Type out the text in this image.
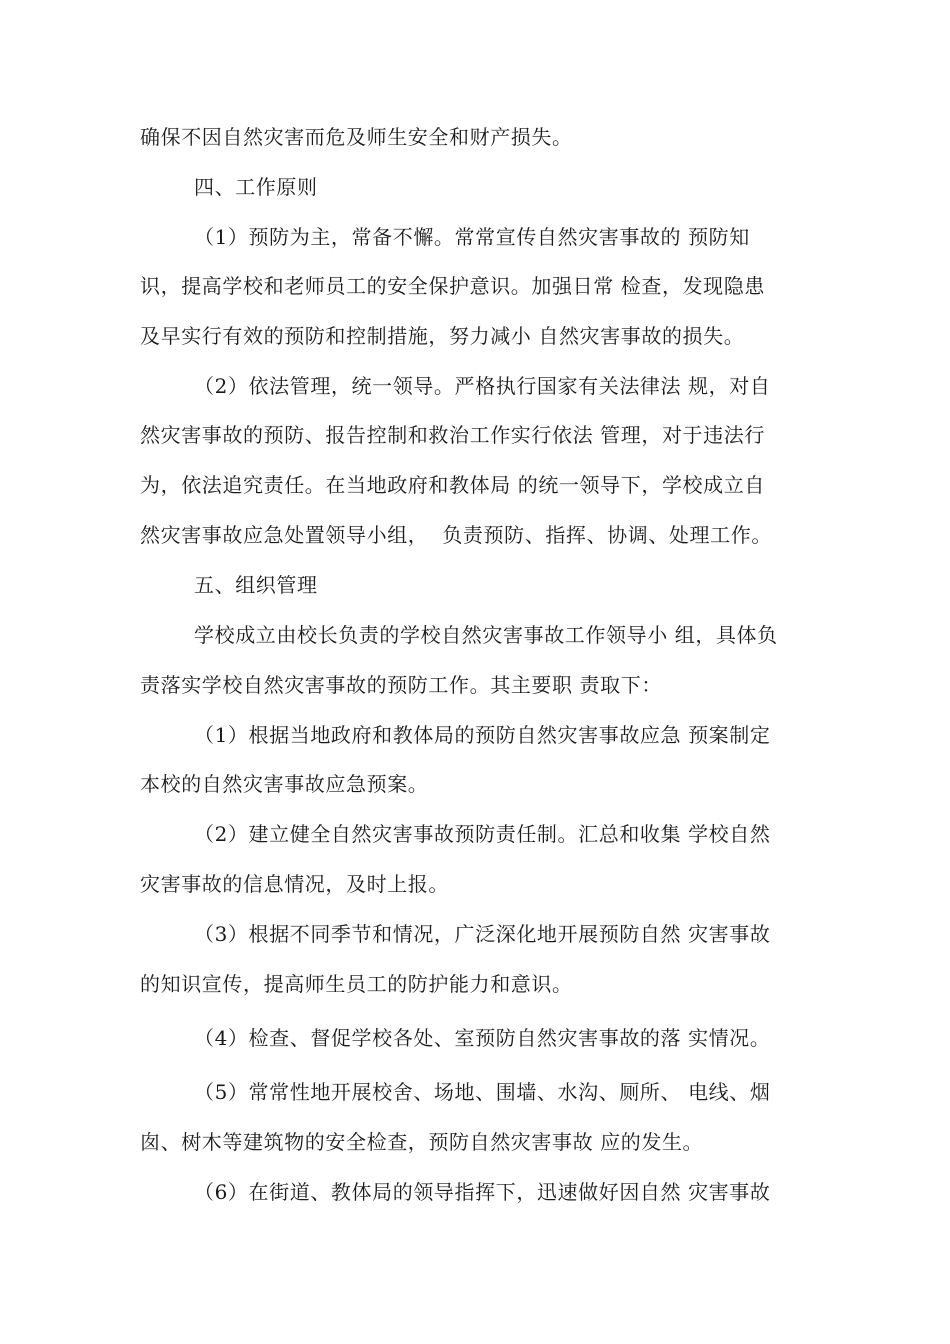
确保不因自然灾害而危及师生安全和财产损失。
四、工作原则
（1）预防为主，常备不懈。常常宣传自然灾害事故的 预防知
识，提高学校和老师员工的安全保护意识。加强日常 检查，发现隐患
及早实行有效的预防和控制措施，努力减小 自然灾害事故的损失。
（2）依法管理，统一领导。严格执行国家有关法律法 规，对自
然灾害事故的预防、报告控制和救治工作实行依法 管理，对于违法行
为，依法追究责任。在当地政府和教体局 的统一领导下，学校成立自
然灾害事故应急处置领导小组，  负责预防、指挥、协调、处理工作。
五、组织管理
学校成立由校长负责的学校自然灾害事故工作领导小 组，具体负
责落实学校自然灾害事故的预防工作。其主要职 责取下：
（1）根据当地政府和教体局的预防自然灾害事故应急 预案制定
本校的自然灾害事故应急预案。
（2）建立健全自然灾害事故预防责任制。汇总和收集 学校自然
灾害事故的信息情况，及时上报。
（3）根据不同季节和情况，广泛深化地开展预防自然 灾害事故
的知识宣传，提高师生员工的防护能力和意识。
（4）检查、督促学校各处、室预防自然灾害事故的落 实情况。
（5）常常性地开展校舍、场地、围墙、水沟、厕所、 电线、烟
囱、树木等建筑物的安全检查，预防自然灾害事故 应的发生。
（6）在街道、教体局的领导指挥下，迅速做好因自然 灾害事故
